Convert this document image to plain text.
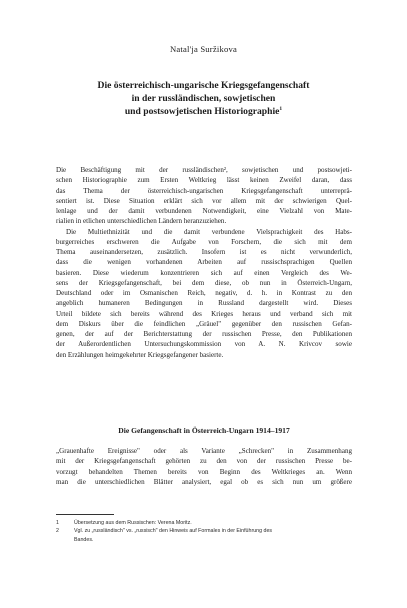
Natal'ja Suržikova
Die österreichisch-ungarische Kriegsgefangenschaft
in der russländischen, sowjetischen
und postsowjetischen Historiographie$^1$
Die Beschäftigung mit der russländischen², sowjetischen und postsowjeti-
schen Historiographie zum Ersten Weltkrieg lässt keinen Zweifel daran, dass
das Thema der österreichisch-ungarischen Kriegsgefangenschaft unterreprä-
sentiert ist. Diese Situation erklärt sich vor allem mit der schwierigen Quel-
lenlage und der damit verbundenen Notwendigkeit, eine Vielzahl von Mate-
rialien in etlichen unterschiedlichen Ländern heranzuziehen.
Die Multiethnizität und die damit verbundene Vielsprachigkeit des Habs-
burgerreiches erschweren die Aufgabe von Forschern, die sich mit dem
Thema auseinandersetzen, zusätzlich. Insofern ist es nicht verwunderlich,
dass die wenigen vorhandenen Arbeiten auf russischsprachigen Quellen
basieren. Diese wiederum konzentrieren sich auf einen Vergleich des We-
sens der Kriegsgefangenschaft, bei dem diese, ob nun in Österreich-Ungarn,
Deutschland oder im Osmanischen Reich, negativ, d. h. in Kontrast zu den
angeblich humaneren Bedingungen in Russland dargestellt wird. Dieses
Urteil bildete sich bereits während des Krieges heraus und verband sich mit
dem Diskurs über die feindlichen „Gräuel" gegenüber den russischen Gefan-
genen, der auf der Berichterstattung der russischen Presse, den Publikationen
der Außerordentlichen Untersuchungskommission von A. N. Krivcov sowie
den Erzählungen heimgekehrter Kriegsgefangener basierte.
Die Gefangenschaft in Österreich-Ungarn 1914–1917
„Grauenhafte Ereignisse" oder als Variante „Schrecken" in Zusammenhang
mit der Kriegsgefangenschaft gehörten zu den von der russischen Presse be-
vorzugt behandelten Themen bereits von Beginn des Weltkrieges an. Wenn
man die unterschiedlichen Blätter analysiert, egal ob es sich nun um größere
1	Übersetzung aus dem Russischen: Verena Moritz.
2	Vgl. zu „russländisch" vs. „russisch" den Hinweis auf Formales in der Einführung des
Bandes.
